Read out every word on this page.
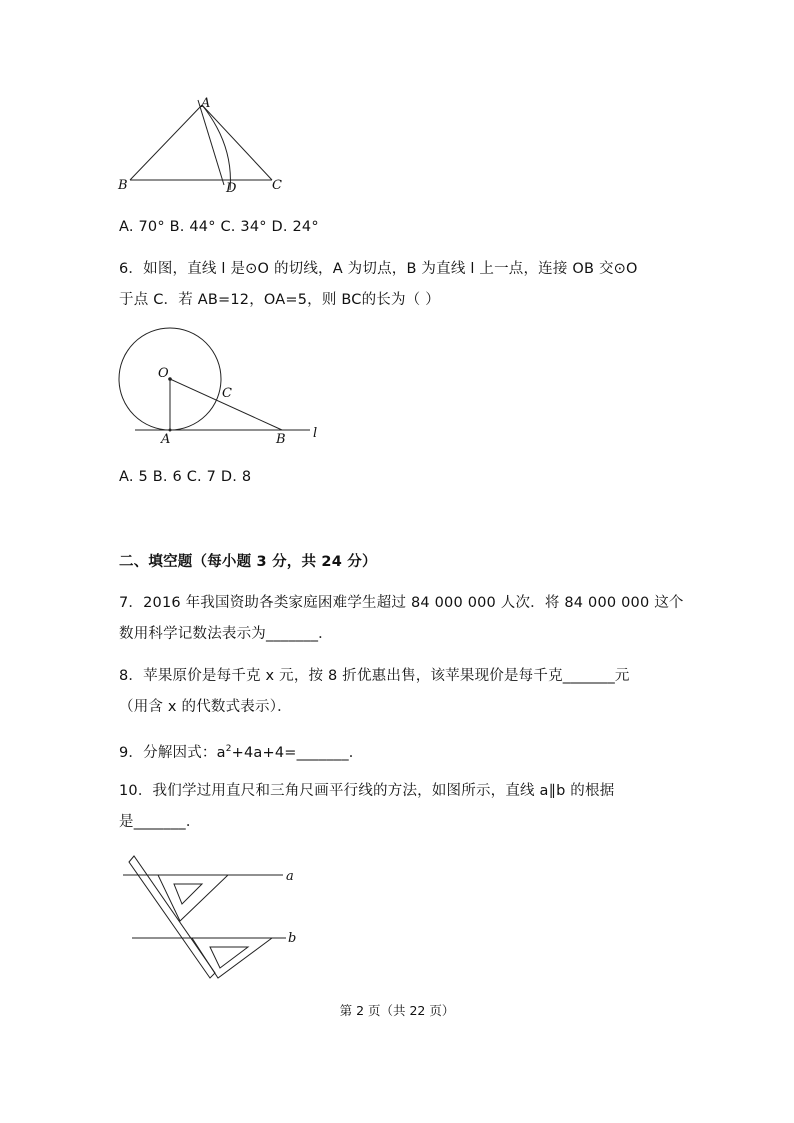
A
B	D	C
A. 70° B. 44° C. 34° D. 24°
6．如图，直线 l 是⊙O 的切线，A 为切点，B 为直线 l 上一点，连接 OB 交⊙O
于点 C．若 AB=12，OA=5，则 BC的长为（ ）
O
C
A	B l
A. 5 B. 6 C. 7 D. 8
二、填空题（每小题 3 分，共 24 分）
7．2016 年我国资助各类家庭困难学生超过 84 000 000 人次．将 84 000 000 这个
数用科学记数法表示为_______．
8．苹果原价是每千克 x 元，按 8 折优惠出售，该苹果现价是每千克_______元
（用含 x 的代数式表示）．
9．分解因式：$a^2+4a+4=\_\_\_\_\_\_\_$．
10．我们学过用直尺和三角尺画平行线的方法，如图所示，直线 a∥b 的根据
是_______．
a
b
第 2 页（共 22 页）
